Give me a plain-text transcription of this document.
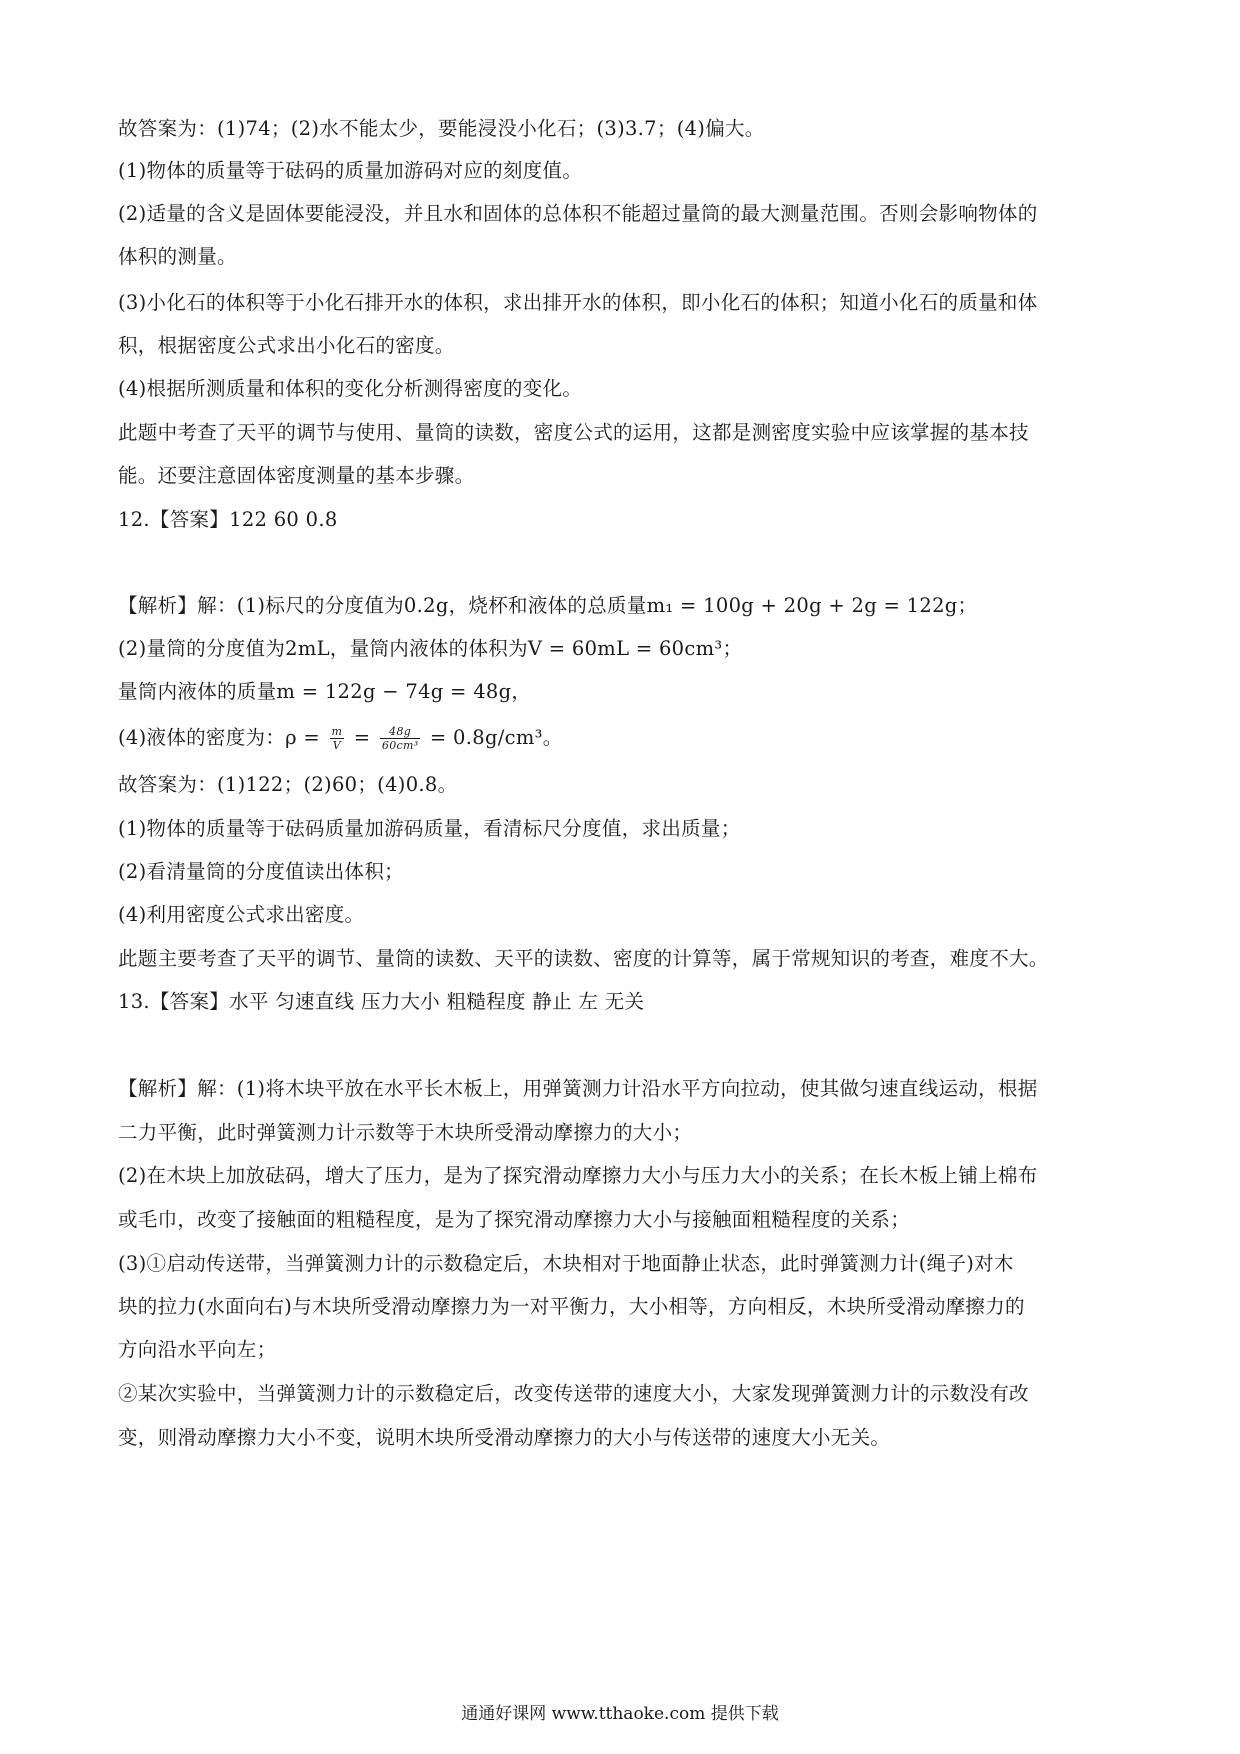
故答案为：(1)74；(2)水不能太少，要能浸没小化石；(3)3.7；(4)偏大。
(1)物体的质量等于砝码的质量加游码对应的刻度值。
(2)适量的含义是固体要能浸没，并且水和固体的总体积不能超过量筒的最大测量范围。否则会影响物体的
体积的测量。
(3)小化石的体积等于小化石排开水的体积，求出排开水的体积，即小化石的体积；知道小化石的质量和体
积，根据密度公式求出小化石的密度。
(4)根据所测质量和体积的变化分析测得密度的变化。
此题中考查了天平的调节与使用、量筒的读数，密度公式的运用，这都是测密度实验中应该掌握的基本技
能。还要注意固体密度测量的基本步骤。
12.【答案】122 60 0.8
【解析】解：(1)标尺的分度值为0.2g，烧杯和液体的总质量m₁ = 100g + 20g + 2g = 122g；
(2)量筒的分度值为2mL，量筒内液体的体积为V = 60mL = 60cm³；
量筒内液体的质量m = 122g − 74g = 48g，
(4)液体的密度为：$\rho = \frac{m}{V} = \frac{48g}{\text{60cm³}} = 0.8g/cm^3$。
故答案为：(1)122；(2)60；(4)0.8。
(1)物体的质量等于砝码质量加游码质量，看清标尺分度值，求出质量；
(2)看清量筒的分度值读出体积；
(4)利用密度公式求出密度。
此题主要考查了天平的调节、量筒的读数、天平的读数、密度的计算等，属于常规知识的考查，难度不大。
13.【答案】水平 匀速直线 压力大小 粗糙程度 静止 左 无关
【解析】解：(1)将木块平放在水平长木板上，用弹簧测力计沿水平方向拉动，使其做匀速直线运动，根据
二力平衡，此时弹簧测力计示数等于木块所受滑动摩擦力的大小；
(2)在木块上加放砝码，增大了压力，是为了探究滑动摩擦力大小与压力大小的关系；在长木板上铺上棉布
或毛巾，改变了接触面的粗糙程度，是为了探究滑动摩擦力大小与接触面粗糙程度的关系；
(3)①启动传送带，当弹簧测力计的示数稳定后，木块相对于地面静止状态，此时弹簧测力计(绳子)对木
块的拉力(水面向右)与木块所受滑动摩擦力为一对平衡力，大小相等，方向相反，木块所受滑动摩擦力的
方向沿水平向左；
②某次实验中，当弹簧测力计的示数稳定后，改变传送带的速度大小，大家发现弹簧测力计的示数没有改
变，则滑动摩擦力大小不变，说明木块所受滑动摩擦力的大小与传送带的速度大小无关。
通通好课网 www.tthaoke.com 提供下载
